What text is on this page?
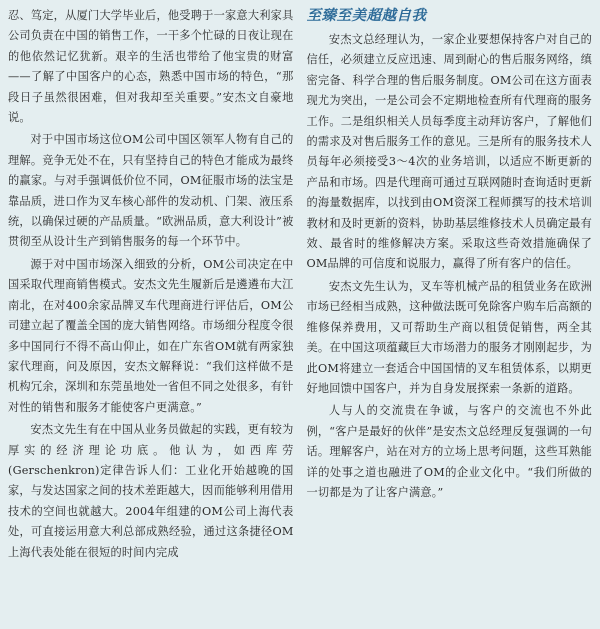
忍、笃定，从厦门大学毕业后，他受聘于一家意大利家具公司负责在中国的销售工作，一干多个忙碌的日夜让现在的他依然记忆犹新。艰辛的生活也带给了他宝贵的财富——了解了中国客户的心态，熟悉中国市场的特色，“那段日子虽然很困难，但对我却至关重要。”安杰文自豪地说。

对于中国市场这位OM公司中国区领军人物有自己的理解。竞争无处不在，只有坚持自己的特色才能成为最终的赢家。与对手强调低价位不同，OM征服市场的法宝是靠品质，进口作为叉车核心部件的发动机、门架、液压系统，以确保过硬的产品质量。“欧洲品质，意大利设计”被贯彻至从设计生产到销售服务的每一个环节中。

源于对中国市场深入细致的分析，OM公司决定在中国采取代理商销售模式。安杰文先生履新后是遴遴布大江南北，在对400余家品牌叉车代理商进行评估后，OM公司建立起了覆盖全国的庞大销售网络。市场细分程度令很多中国同行不得不高山仰止，如在广东省OM就有两家独家代理商，问及原因，安杰文解释说：“我们这样做不是机构冗余，深圳和东莞虽地处一省但不同之处很多，有针对性的销售和服务才能使客户更满意。”

安杰文先生有在中国从业务员做起的实践，更有较为厚实的经济理论功底。他认为，如西库劳(Gerschenkron)定律告诉人们：工业化开始越晚的国家，与发达国家之间的技术差距越大，因而能够利用借用技术的空间也就越大。2004年组建的OM公司上海代表处，可直接运用意大利总部成熟经验，通过这条捷径OM上海代表处能在很短的时间内完成

至臻至美超越自我

安杰文总经理认为，一家企业要想保持客户对自己的信任，必须建立反应迅速、周到耐心的售后服务网络，缜密完备、科学合理的售后服务制度。OM公司在这方面表现尤为突出，一是公司会不定期地检查所有代理商的服务工作。二是组织相关人员每季度主动拜访客户，了解他们的需求及对售后服务工作的意见。三是所有的服务技术人员每年必须接受3～4次的业务培训，以适应不断更新的产品和市场。四是代理商可通过互联网随时查询适时更新的海量数据库，以找到由OM资深工程师撰写的技术培训教材和及时更新的资料，协助基层维修技术人员确定最有效、最省时的维修解决方案。采取这些奇效措施确保了OM品牌的可信度和说服力，赢得了所有客户的信任。

安杰文先生认为，叉车等机械产品的租赁业务在欧洲市场已经相当成熟，这种做法既可免除客户购车后高额的维修保养费用，又可帮助生产商以租赁促销售，两全其美。在中国这项蕴藏巨大市场潜力的服务才刚刚起步，为此OM将建立一套适合中国国情的叉车租赁体系，以期更好地回馈中国客户，并为自身发展探索一条新的道路。

人与人的交流贵在争诚，与客户的交流也不外此例，“客户是最好的伙伴”是安杰文总经理反复强调的一句话。理解客户，站在对方的立场上思考问题，这些耳熟能详的处事之道也融进了OM的企业文化中。“我们所做的一切都是为了让客户满意。”
